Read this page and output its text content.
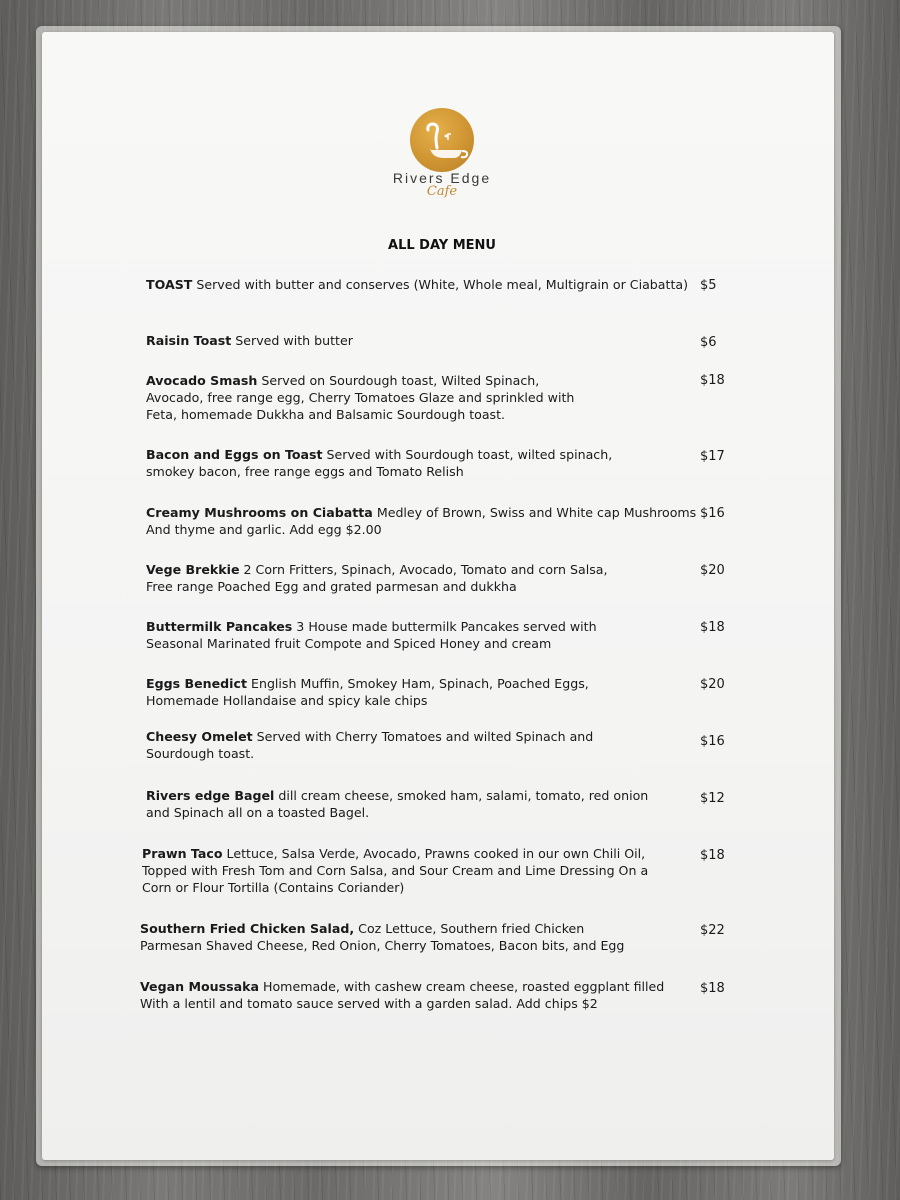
Rivers Edge
Cafe
ALL DAY MENU
TOAST Served with butter and conserves (White, Whole meal, Multigrain or Ciabatta) $5
Raisin Toast Served with butter	$6
Avocado Smash Served on Sourdough toast, Wilted Spinach, Avocado, free range egg, Cherry Tomatoes Glaze and sprinkled with Feta, homemade Dukkha and Balsamic Sourdough toast.
$18
Bacon and Eggs on Toast Served with Sourdough toast, wilted spinach, smokey bacon, free range eggs and Tomato Relish
$17
Creamy Mushrooms on Ciabatta Medley of Brown, Swiss and White cap Mushrooms And thyme and garlic. Add egg $2.00
$16
Vege Brekkie 2 Corn Fritters, Spinach, Avocado, Tomato and corn Salsa, Free range Poached Egg and grated parmesan and dukkha
$20
Buttermilk Pancakes 3 House made buttermilk Pancakes served with Seasonal Marinated fruit Compote and Spiced Honey and cream
$18
Eggs Benedict English Muffin, Smokey Ham, Spinach, Poached Eggs, Homemade Hollandaise and spicy kale chips
$20
Cheesy Omelet Served with Cherry Tomatoes and wilted Spinach and Sourdough toast.
$16
Rivers edge Bagel dill cream cheese, smoked ham, salami, tomato, red onion and Spinach all on a toasted Bagel.
$12
Prawn Taco Lettuce, Salsa Verde, Avocado, Prawns cooked in our own Chili Oil, Topped with Fresh Tom and Corn Salsa, and Sour Cream and Lime Dressing On a Corn or Flour Tortilla (Contains Coriander)
$18
Southern Fried Chicken Salad, Coz Lettuce, Southern fried Chicken Parmesan Shaved Cheese, Red Onion, Cherry Tomatoes, Bacon bits, and Egg
$22
Vegan Moussaka Homemade, with cashew cream cheese, roasted eggplant filled With a lentil and tomato sauce served with a garden salad. Add chips $2
$18
